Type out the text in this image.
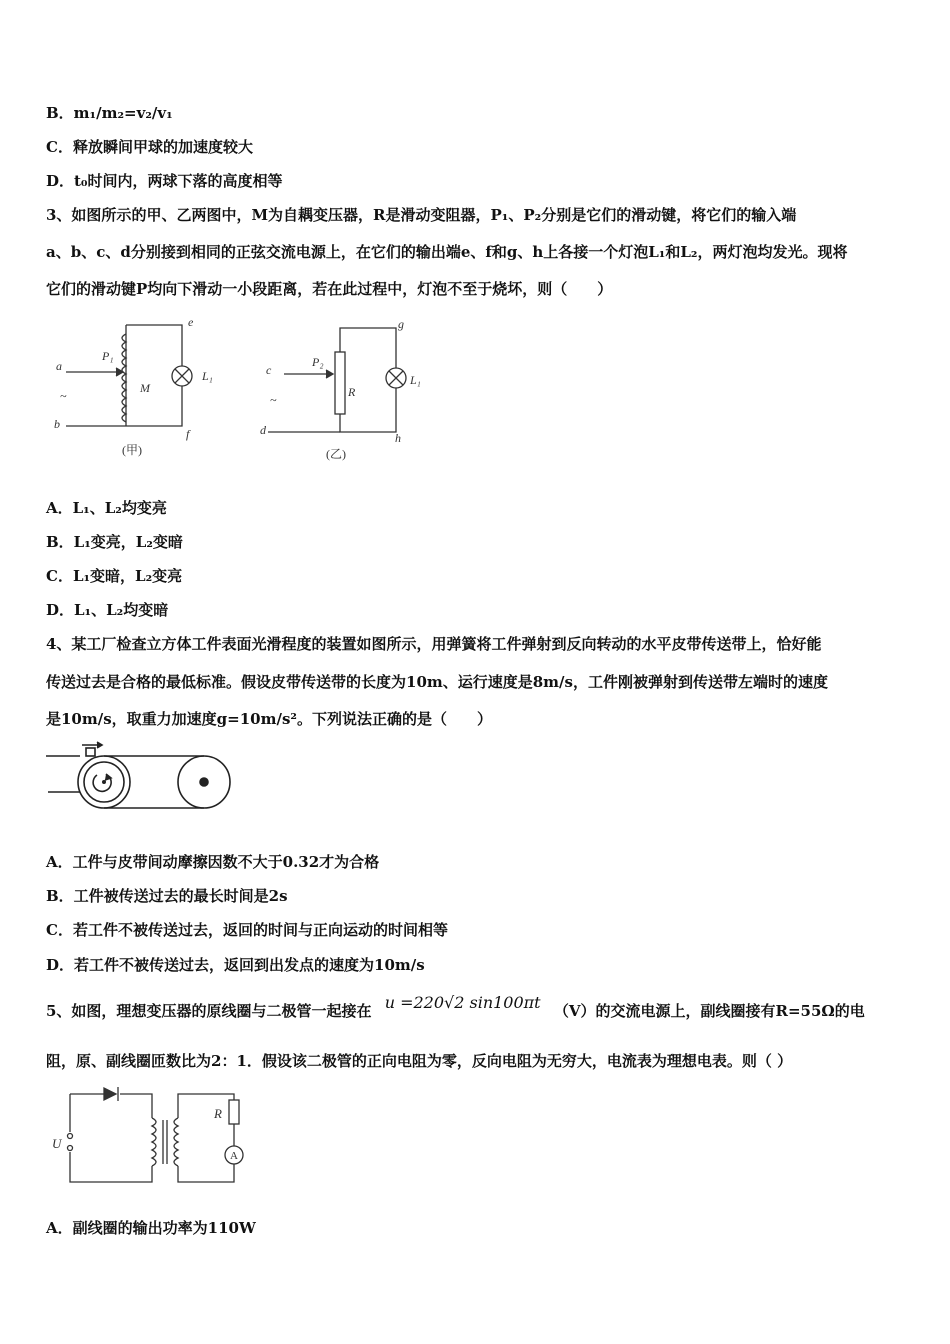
B．m₁/m₂=v₂/v₁
C．释放瞬间甲球的加速度较大
D．t₀时间内，两球下落的高度相等
3、如图所示的甲、乙两图中，M为自耦变压器，R是滑动变阻器，P₁、P₂分别是它们的滑动键，将它们的输入端
a、b、c、d分别接到相同的正弦交流电源上，在它们的输出端e、f和g、h上各接一个灯泡L₁和L₂，两灯泡均发光。现将
它们的滑动键P均向下滑动一小段距离，若在此过程中，灯泡不至于烧坏，则（　　）
a
~
b
P₁
M
e
f
L₁	c
~
d
P₂
R
g
h
L₁
(甲)	(乙)
A．L₁、L₂均变亮
B．L₁变亮，L₂变暗
C．L₁变暗，L₂变亮
D．L₁、L₂均变暗
4、某工厂检查立方体工件表面光滑程度的装置如图所示，用弹簧将工件弹射到反向转动的水平皮带传送带上，恰好能
传送过去是合格的最低标准。假设皮带传送带的长度为10m、运行速度是8m/s，工件刚被弹射到传送带左端时的速度
是10m/s，取重力加速度g=10m/s²。下列说法正确的是（　　）
A．工件与皮带间动摩擦因数不大于0.32才为合格
B．工件被传送过去的最长时间是2s
C．若工件不被传送过去，返回的时间与正向运动的时间相等
D．若工件不被传送过去，返回到出发点的速度为10m/s
5、如图，理想变压器的原线圈与二极管一起接在 u =220√2 sin100πt （V）的交流电源上，副线圈接有R=55Ω的电
阻，原、副线圈匝数比为2：1．假设该二极管的正向电阻为零，反向电阻为无穷大，电流表为理想电表。则（ ）
U
R
A
A．副线圈的输出功率为110W
